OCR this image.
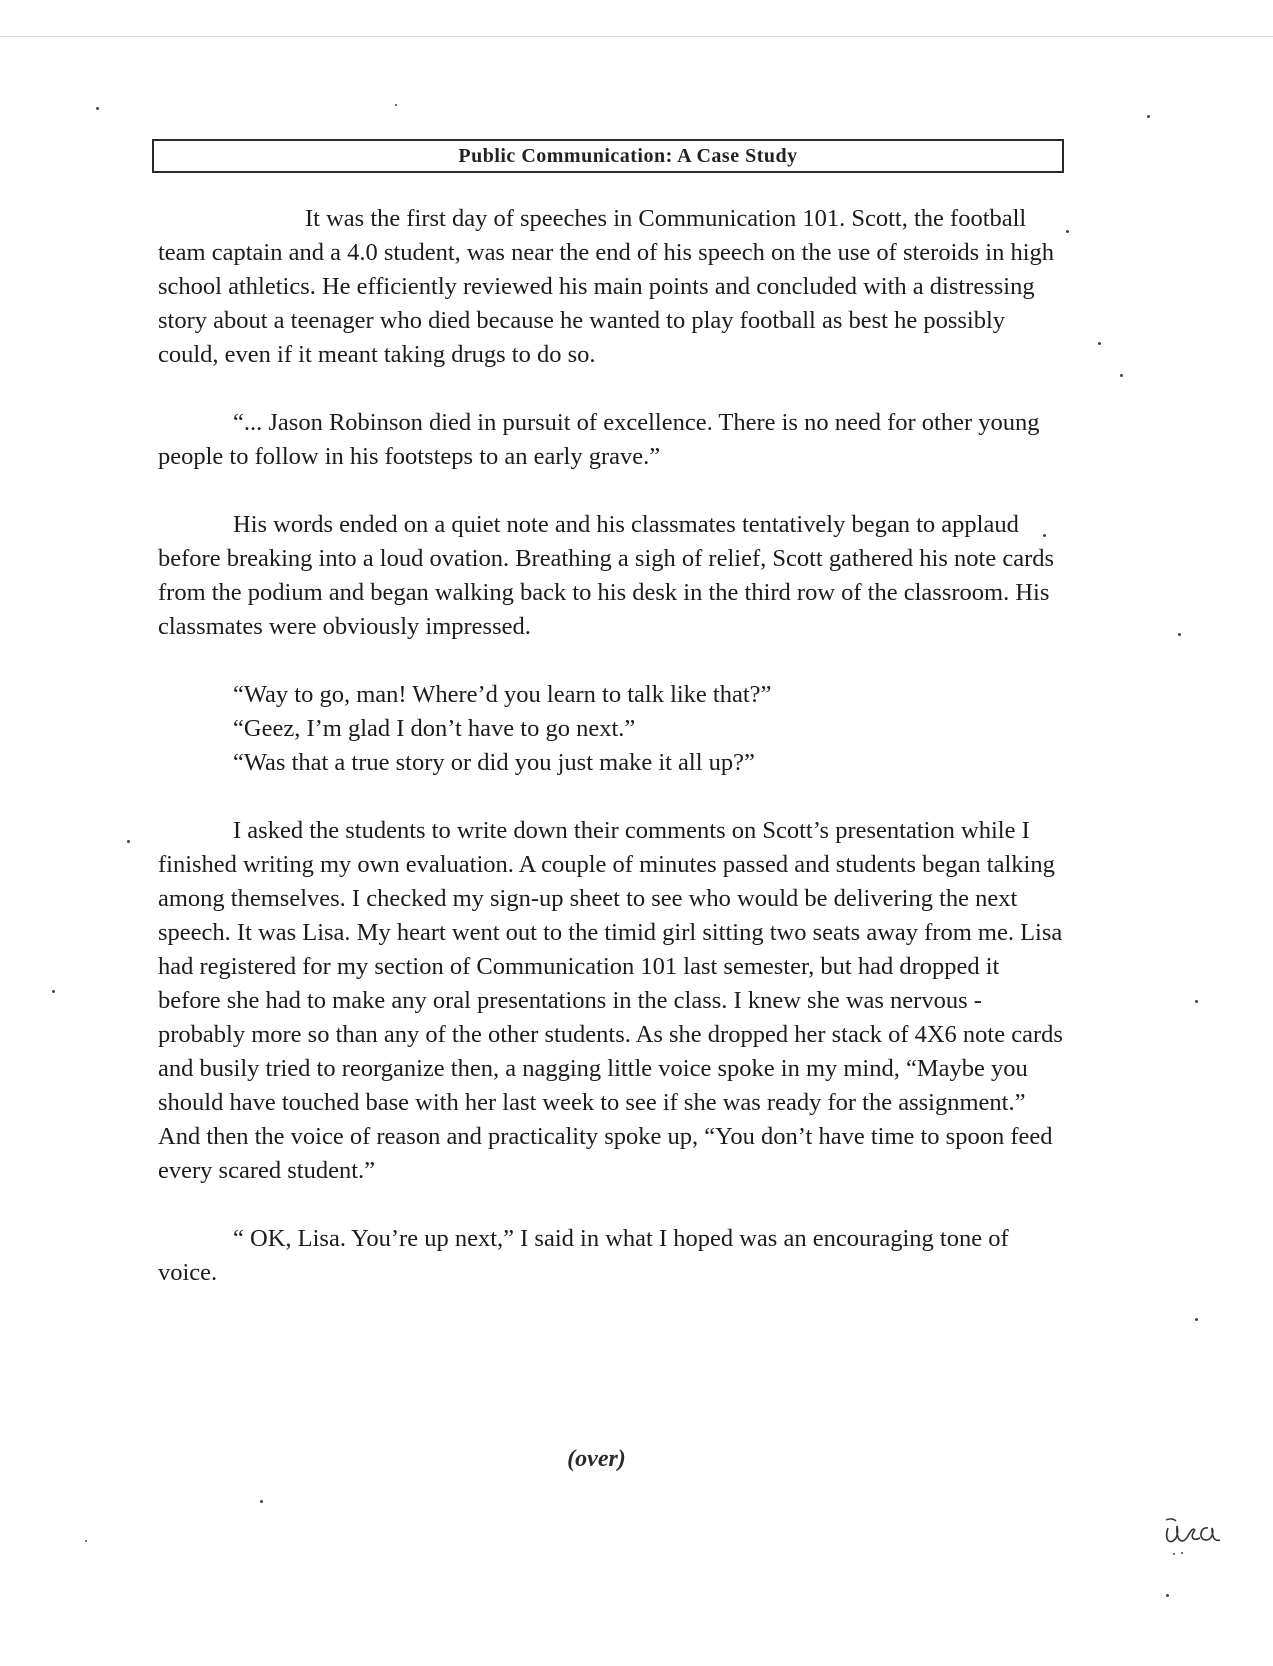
Public Communication: A Case Study

It was the first day of speeches in Communication 101. Scott, the football team captain and a 4.0 student, was near the end of his speech on the use of steroids in high school athletics. He efficiently reviewed his main points and concluded with a distressing story about a teenager who died because he wanted to play football as best he possibly could, even if it meant taking drugs to do so.

“... Jason Robinson died in pursuit of excellence. There is no need for other young people to follow in his footsteps to an early grave.”

His words ended on a quiet note and his classmates tentatively began to applaud before breaking into a loud ovation. Breathing a sigh of relief, Scott gathered his note cards from the podium and began walking back to his desk in the third row of the classroom. His classmates were obviously impressed.

“Way to go, man! Where’d you learn to talk like that?”
“Geez, I’m glad I don’t have to go next.”
“Was that a true story or did you just make it all up?”

I asked the students to write down their comments on Scott’s presentation while I finished writing my own evaluation. A couple of minutes passed and students began talking among themselves. I checked my sign-up sheet to see who would be delivering the next speech. It was Lisa. My heart went out to the timid girl sitting two seats away from me. Lisa had registered for my section of Communication 101 last semester, but had dropped it before she had to make any oral presentations in the class. I knew she was nervous - probably more so than any of the other students. As she dropped her stack of 4X6 note cards and busily tried to reorganize then, a nagging little voice spoke in my mind, “Maybe you should have touched base with her last week to see if she was ready for the assignment.” And then the voice of reason and practicality spoke up, “You don’t have time to spoon feed every scared student.”

“ OK, Lisa. You’re up next,” I said in what I hoped was an encouraging tone of voice.

(over)
